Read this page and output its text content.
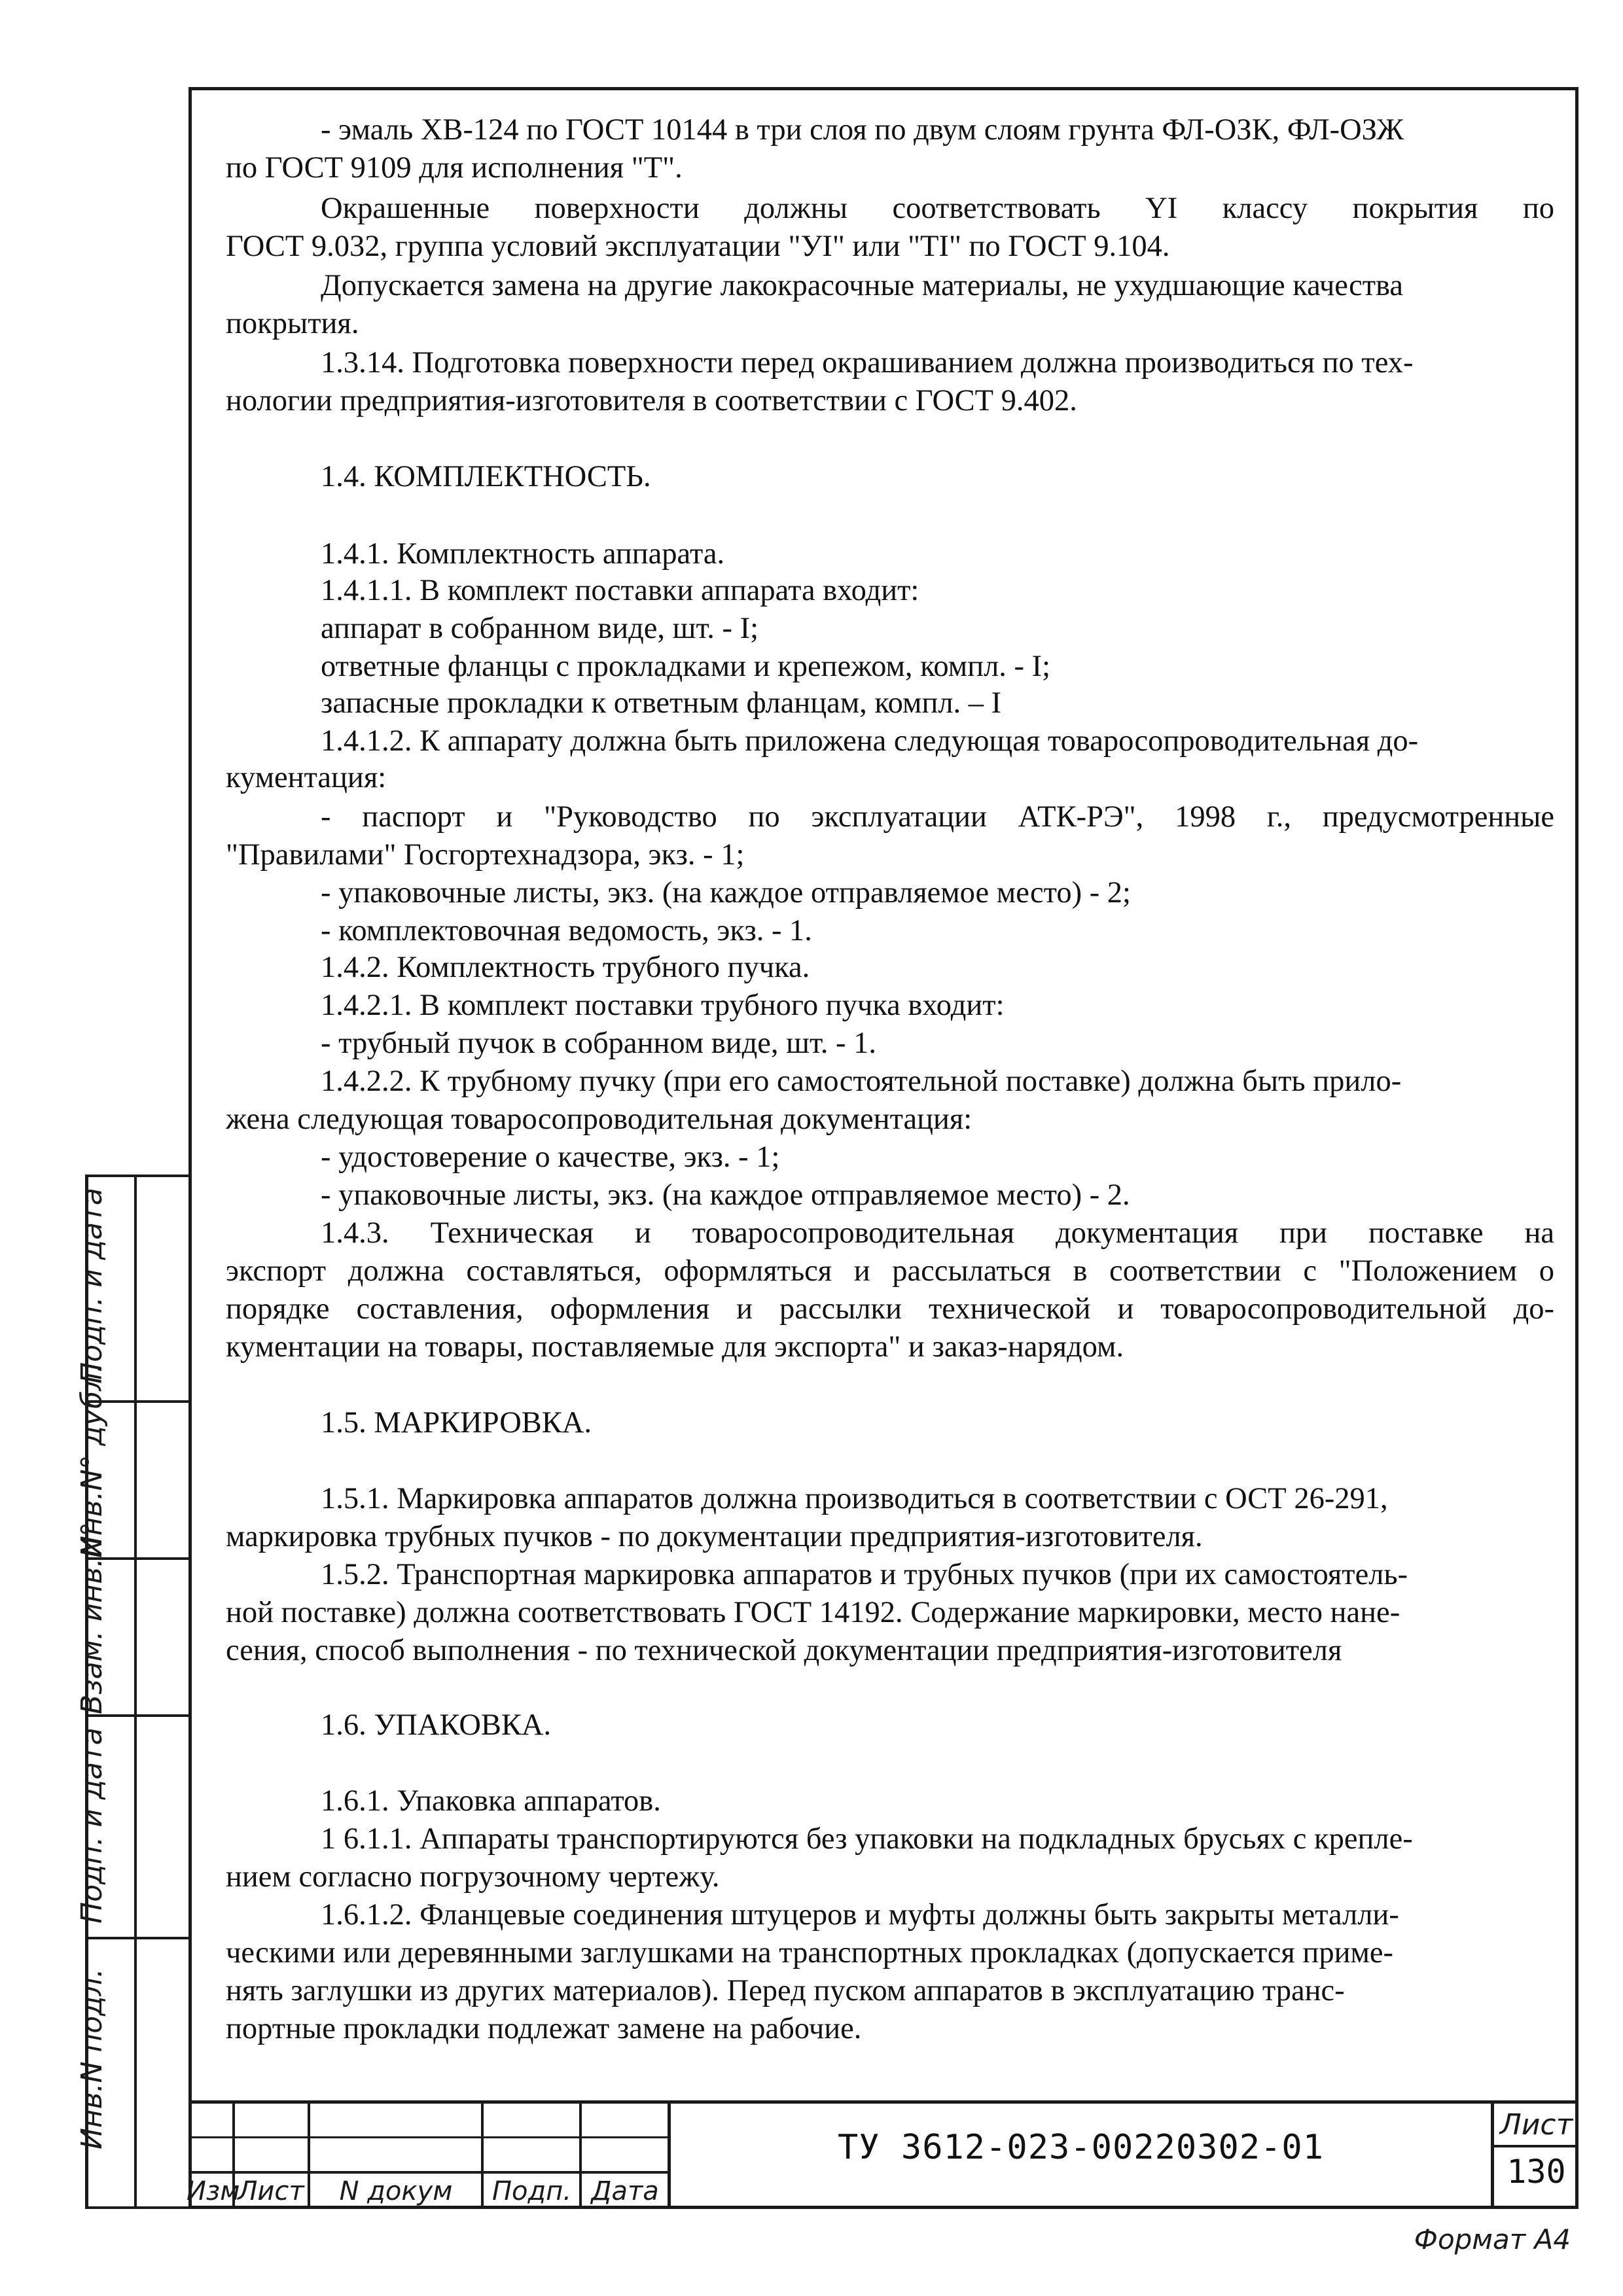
Подп. и дата
Инв.N° дубл.
Взам. инв.N°
Подп. и дата
Инв.N подл.
- эмаль ХВ-124 по ГОСТ 10144 в три слоя по двум слоям грунта ФЛ-ОЗК, ФЛ-ОЗЖ
по ГОСТ 9109 для исполнения "Т".
Окрашенные поверхности должны соответствовать YI классу покрытия по
ГОСТ 9.032, группа условий эксплуатации "УI" или "TI" по ГОСТ 9.104.
Допускается замена на другие лакокрасочные материалы, не ухудшающие качества
покрытия.
1.3.14. Подготовка поверхности перед окрашиванием должна производиться по тех-
нологии предприятия-изготовителя в соответствии с ГОСТ 9.402.
1.4. КОМПЛЕКТНОСТЬ.
1.4.1. Комплектность аппарата.
1.4.1.1. В комплект поставки аппарата входит:
аппарат в собранном виде, шт. - I;
ответные фланцы с прокладками и крепежом, компл. - I;
запасные прокладки к ответным фланцам, компл. – I
1.4.1.2. К аппарату должна быть приложена следующая товаросопроводительная до-
кументация:
- паспорт и "Руководство по эксплуатации АТК-РЭ", 1998 г., предусмотренные
"Правилами" Госгортехнадзора, экз. - 1;
- упаковочные листы, экз. (на каждое отправляемое место) - 2;
- комплектовочная ведомость, экз. - 1.
1.4.2. Комплектность трубного пучка.
1.4.2.1. В комплект поставки трубного пучка входит:
- трубный пучок в собранном виде, шт. - 1.
1.4.2.2. К трубному пучку (при его самостоятельной поставке) должна быть прило-
жена следующая товаросопроводительная документация:
- удостоверение о качестве, экз. - 1;
- упаковочные листы, экз. (на каждое отправляемое место) - 2.
1.4.3. Техническая и товаросопроводительная документация при поставке на
экспорт должна составляться, оформляться и рассылаться в соответствии с "Положением о
порядке составления, оформления и рассылки технической и товаросопроводительной до-
кументации на товары, поставляемые для экспорта" и заказ-нарядом.
1.5. МАРКИРОВКА.
1.5.1. Маркировка аппаратов должна производиться в соответствии с ОСТ 26-291,
маркировка трубных пучков - по документации предприятия-изготовителя.
1.5.2. Транспортная маркировка аппаратов и трубных пучков (при их самостоятель-
ной поставке) должна соответствовать ГОСТ 14192. Содержание маркировки, место нане-
сения, способ выполнения - по технической документации предприятия-изготовителя
1.6. УПАКОВКА.
1.6.1. Упаковка аппаратов.
1 6.1.1. Аппараты транспортируются без упаковки на подкладных брусьях с крепле-
нием согласно погрузочному чертежу.
1.6.1.2. Фланцевые соединения штуцеров и муфты должны быть закрыты металли-
ческими или деревянными заглушками на транспортных прокладках (допускается приме-
нять заглушки из других материалов). Перед пуском аппаратов в эксплуатацию транс-
портные прокладки подлежат замене на рабочие.
Изм
Лист	N докум	Подп. Дата
ТУ 3612-023-00220302-01
Лист
130
Формат А4
